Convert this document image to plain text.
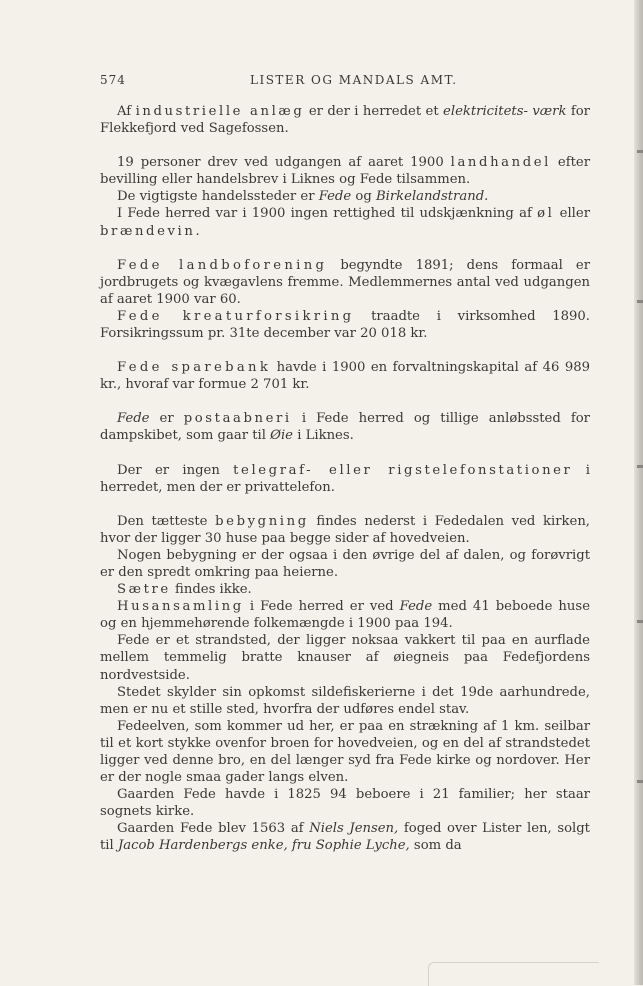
574	LISTER OG MANDALS AMT.

Af industrielle anlæg er der i herredet et elektricitets- værk for Flekkefjord ved Sagefossen.

19 personer drev ved udgangen af aaret 1900 landhandel efter bevilling eller handelsbrev i Liknes og Fede tilsammen.

De vigtigste handelssteder er Fede og Birkelandstrand.

I Fede herred var i 1900 ingen rettighed til udskjænkning af øl eller brændevin.

Fede landboforening begyndte 1891; dens formaal er jordbrugets og kvægavlens fremme. Medlemmernes antal ved udgangen af aaret 1900 var 60.

Fede kreaturforsikring traadte i virksomhed 1890. Forsikringssum pr. 31te december var 20 018 kr.

Fede sparebank havde i 1900 en forvaltningskapital af 46 989 kr., hvoraf var formue 2 701 kr.

Fede er postaabneri i Fede herred og tillige anløbssted for dampskibet, som gaar til Øie i Liknes.

Der er ingen telegraf- eller rigstelefonstationer i herredet, men der er privattelefon.

Den tætteste bebygning findes nederst i Fededalen ved kirken, hvor der ligger 30 huse paa begge sider af hovedveien.

Nogen bebygning er der ogsaa i den øvrige del af dalen, og forøvrigt er den spredt omkring paa heierne.

Sætre findes ikke.

Husansamling i Fede herred er ved Fede med 41 beboede huse og en hjemmehørende folkemængde i 1900 paa 194.

Fede er et strandsted, der ligger noksaa vakkert til paa en aurflade mellem temmelig bratte knauser af øiegneis paa Fedefjordens nordvestside.

Stedet skylder sin opkomst sildefiskerierne i det 19de aarhundrede, men er nu et stille sted, hvorfra der udføres endel stav.

Fedeelven, som kommer ud her, er paa en strækning af 1 km. seilbar til et kort stykke ovenfor broen for hovedveien, og en del af strandstedet ligger ved denne bro, en del længer syd fra Fede kirke og nordover. Her er der nogle smaa gader langs elven.

Gaarden Fede havde i 1825 94 beboere i 21 familier; her staar sognets kirke.

Gaarden Fede blev 1563 af Niels Jensen, foged over Lister len, solgt til Jacob Hardenbergs enke, fru Sophie Lyche, som da
